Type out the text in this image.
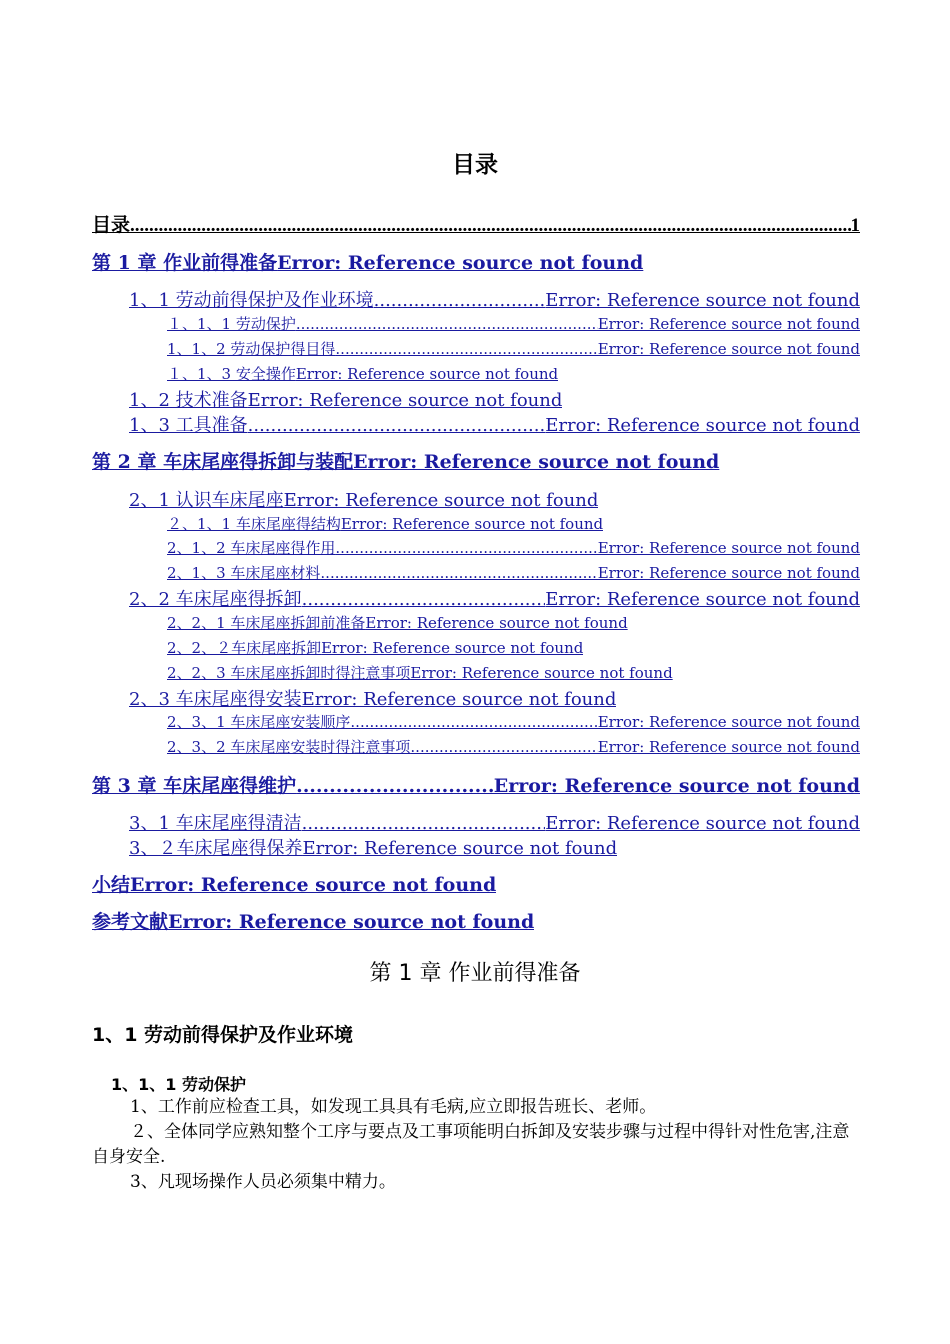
目录
目录 .....	1
第 1 章 作业前得准备 Error: Reference source not found
1、1 劳动前得保护及作业环境 .....	Error: Reference source not found
１、1、1 劳动保护 .....	Error: Reference source not found
1、1、2 劳动保护得目得 .....	Error: Reference source not found
１、1、3 安全操作 Error: Reference source not found
1、2 技术准备 Error: Reference source not found
1、3 工具准备 .....	Error: Reference source not found
第 2 章 车床尾座得拆卸与装配 Error: Reference source not found
2、1 认识车床尾座 Error: Reference source not found
２、1、1 车床尾座得结构 Error: Reference source not found
2、1、2 车床尾座得作用 .....	Error: Reference source not found
2、1、3 车床尾座材料 .....	Error: Reference source not found
2、2 车床尾座得拆卸 .....	Error: Reference source not found
2、2、1 车床尾座拆卸前准备 Error: Reference source not found
2、2、２车床尾座拆卸 Error: Reference source not found
2、2、3 车床尾座拆卸时得注意事项 Error: Reference source not found
2、3 车床尾座得安装 Error: Reference source not found
2、3、1 车床尾座安装顺序 .....	Error: Reference source not found
2、3、2 车床尾座安装时得注意事项 .....	Error: Reference source not found
第 3 章 车床尾座得维护 .....	Error: Reference source not found
3、1 车床尾座得清洁 .....	Error: Reference source not found
3、２车床尾座得保养 Error: Reference source not found
小结 Error: Reference source not found
参考文献 Error: Reference source not found
第 1 章 作业前得准备
1、1 劳动前得保护及作业环境
1、1、1 劳动保护
1、工作前应检查工具，如发现工具具有毛病,应立即报告班长、老师。
２、全体同学应熟知整个工序与要点及工事项能明白拆卸及安装步骤与过程中得针对性危害,注意自身安全.
3、凡现场操作人员必须集中精力。
